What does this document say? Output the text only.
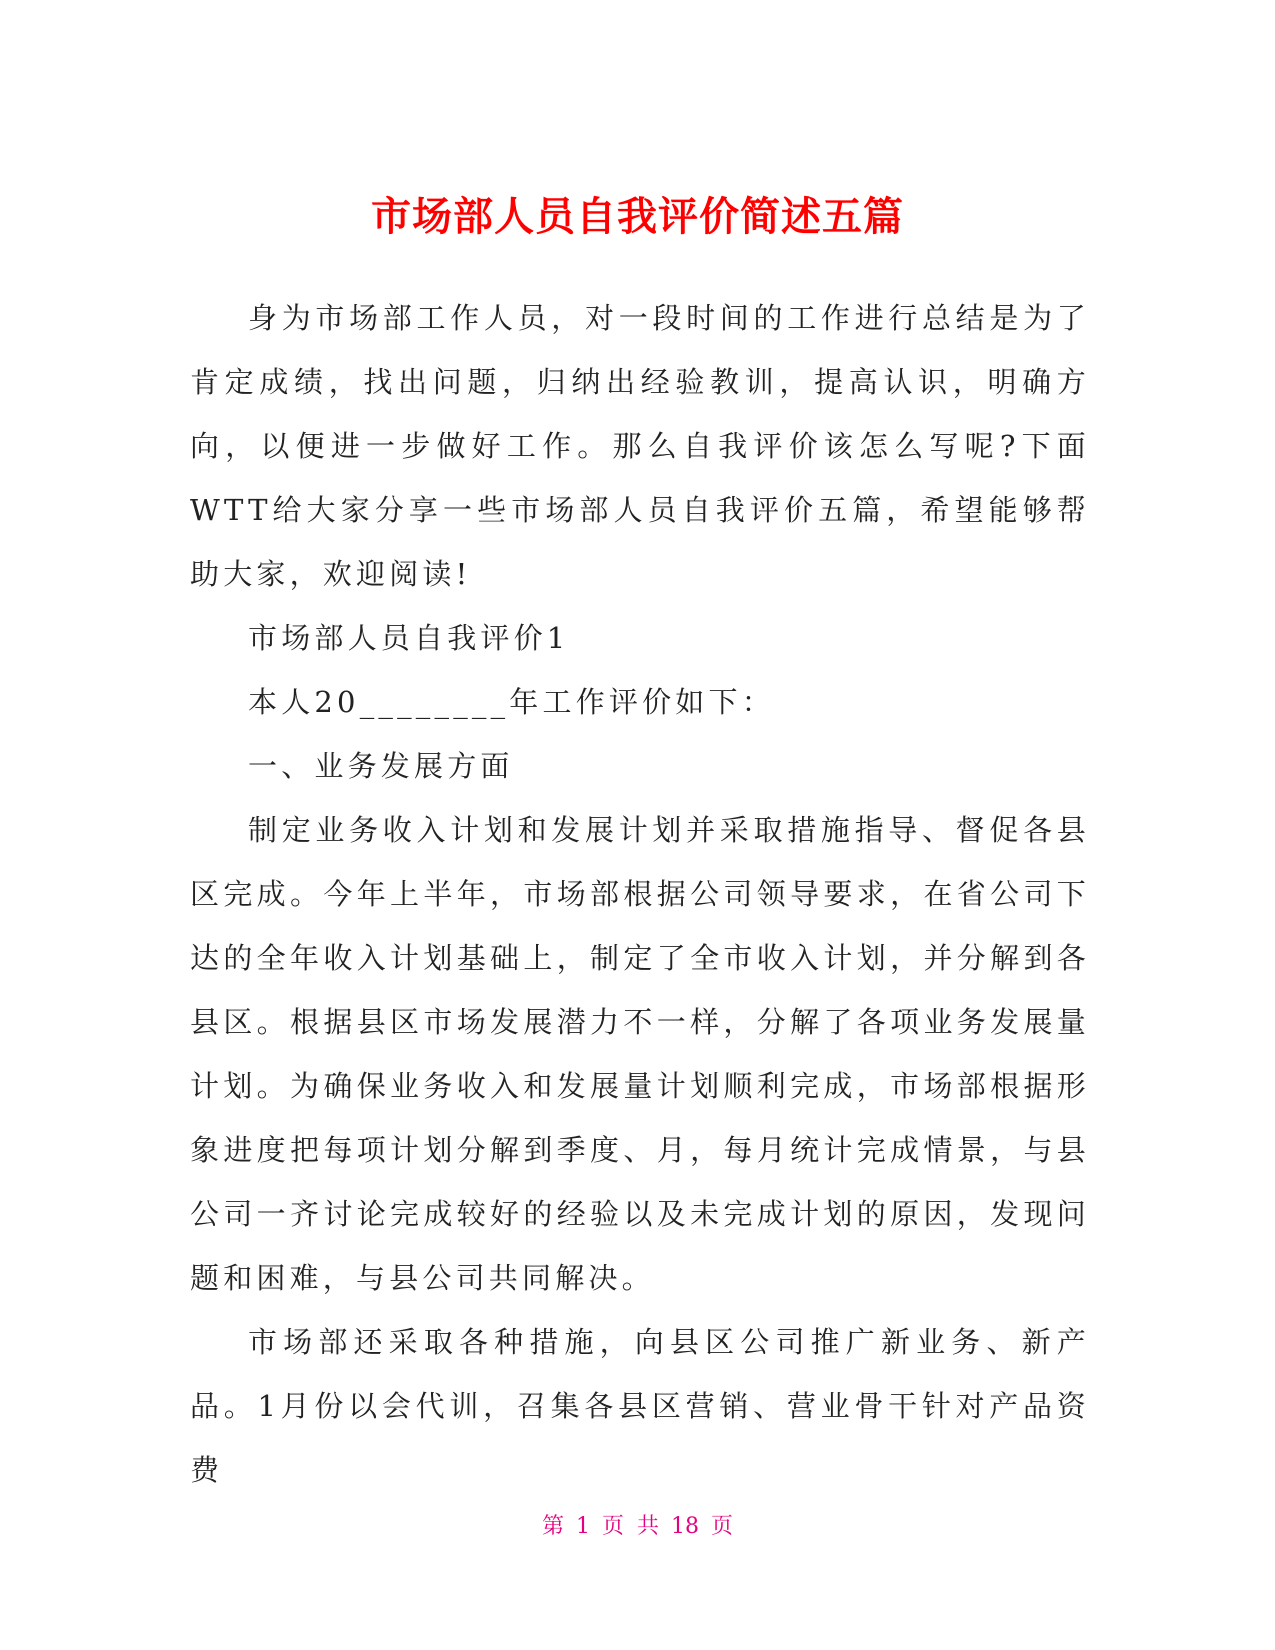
市场部人员自我评价简述五篇

身为市场部工作人员，对一段时间的工作进行总结是为了肯定成绩，找出问题，归纳出经验教训，提高认识，明确方向，以便进一步做好工作。那么自我评价该怎么写呢?下面WTT给大家分享一些市场部人员自我评价五篇，希望能够帮助大家，欢迎阅读!

市场部人员自我评价1

本人20________年工作评价如下：

一、业务发展方面

制定业务收入计划和发展计划并采取措施指导、督促各县区完成。今年上半年，市场部根据公司领导要求，在省公司下达的全年收入计划基础上，制定了全市收入计划，并分解到各县区。根据县区市场发展潜力不一样，分解了各项业务发展量计划。为确保业务收入和发展量计划顺利完成，市场部根据形象进度把每项计划分解到季度、月，每月统计完成情景，与县公司一齐讨论完成较好的经验以及未完成计划的原因，发现问题和困难，与县公司共同解决。

市场部还采取各种措施，向县区公司推广新业务、新产品。1月份以会代训，召集各县区营销、营业骨干针对产品资费

第 1 页 共 18 页
